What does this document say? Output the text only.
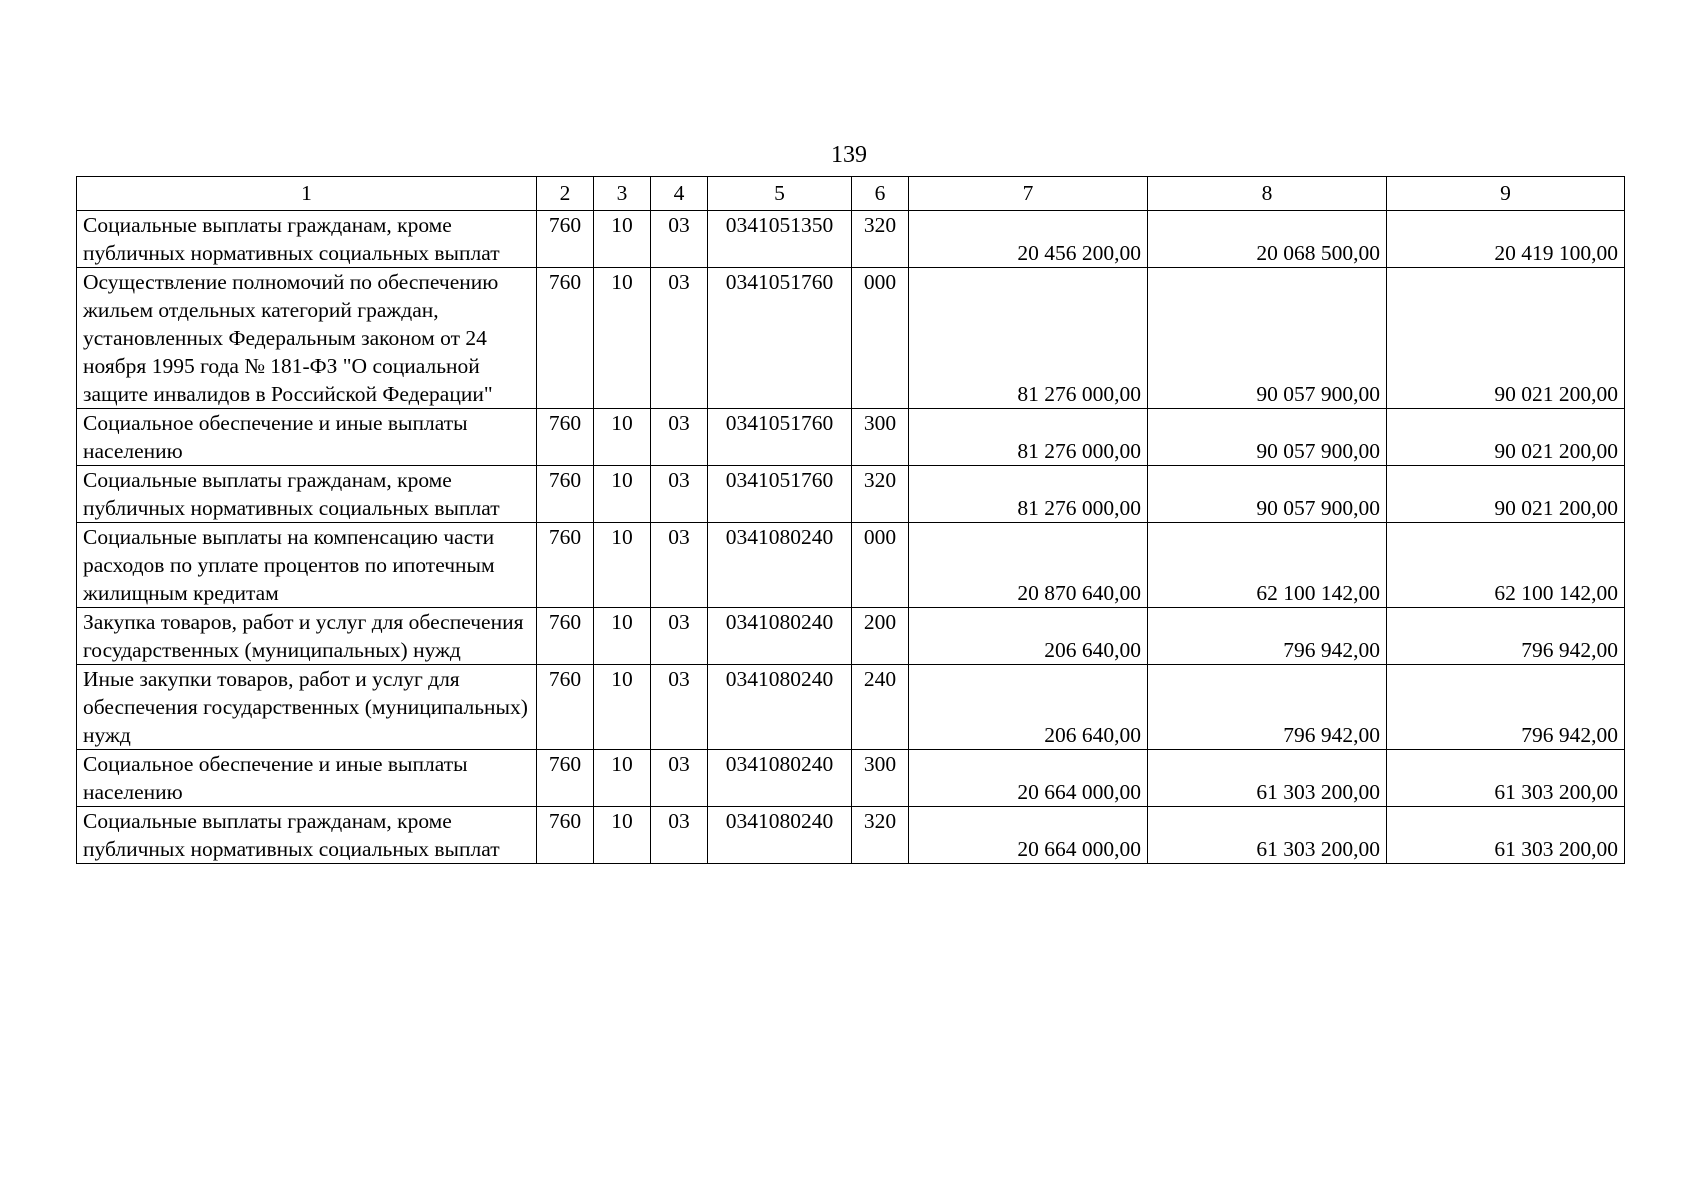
139
1	2	3	4	5	6	7	8	9
Социальные выплаты гражданам, кроме публичных нормативных социальных выплат	760	10	03	0341051350	320	20 456 200,00	20 068 500,00	20 419 100,00
Осуществление полномочий по обеспечению жильем отдельных категорий граждан, установленных Федеральным законом от 24 ноября 1995 года № 181-ФЗ "О социальной защите инвалидов в Российской Федерации"	760	10	03	0341051760	000	81 276 000,00	90 057 900,00	90 021 200,00
Социальное обеспечение и иные выплаты населению	760	10	03	0341051760	300	81 276 000,00	90 057 900,00	90 021 200,00
Социальные выплаты гражданам, кроме публичных нормативных социальных выплат	760	10	03	0341051760	320	81 276 000,00	90 057 900,00	90 021 200,00
Социальные выплаты на компенсацию части расходов по уплате процентов по ипотечным жилищным кредитам	760	10	03	0341080240	000	20 870 640,00	62 100 142,00	62 100 142,00
Закупка товаров, работ и услуг для обеспечения государственных (муниципальных) нужд	760	10	03	0341080240	200	206 640,00	796 942,00	796 942,00
Иные закупки товаров, работ и услуг для обеспечения государственных (муниципальных) нужд	760	10	03	0341080240	240	206 640,00	796 942,00	796 942,00
Социальное обеспечение и иные выплаты населению	760	10	03	0341080240	300	20 664 000,00	61 303 200,00	61 303 200,00
Социальные выплаты гражданам, кроме публичных нормативных социальных выплат	760	10	03	0341080240	320	20 664 000,00	61 303 200,00	61 303 200,00
